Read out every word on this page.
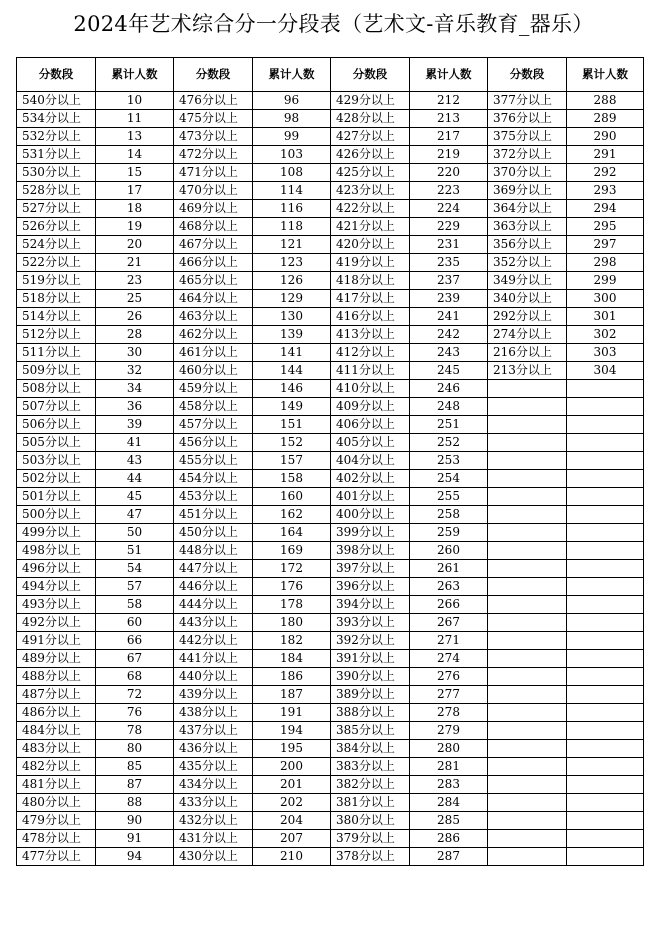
2024年艺术综合分一分段表（艺术文-音乐教育_器乐）
分数段	累计人数	分数段	累计人数	分数段	累计人数	分数段	累计人数
540分以上	10	476分以上	96	429分以上	212	377分以上	288
534分以上	11	475分以上	98	428分以上	213	376分以上	289
532分以上	13	473分以上	99	427分以上	217	375分以上	290
531分以上	14	472分以上	103	426分以上	219	372分以上	291
530分以上	15	471分以上	108	425分以上	220	370分以上	292
528分以上	17	470分以上	114	423分以上	223	369分以上	293
527分以上	18	469分以上	116	422分以上	224	364分以上	294
526分以上	19	468分以上	118	421分以上	229	363分以上	295
524分以上	20	467分以上	121	420分以上	231	356分以上	297
522分以上	21	466分以上	123	419分以上	235	352分以上	298
519分以上	23	465分以上	126	418分以上	237	349分以上	299
518分以上	25	464分以上	129	417分以上	239	340分以上	300
514分以上	26	463分以上	130	416分以上	241	292分以上	301
512分以上	28	462分以上	139	413分以上	242	274分以上	302
511分以上	30	461分以上	141	412分以上	243	216分以上	303
509分以上	32	460分以上	144	411分以上	245	213分以上	304
508分以上	34	459分以上	146	410分以上	246		
507分以上	36	458分以上	149	409分以上	248		
506分以上	39	457分以上	151	406分以上	251		
505分以上	41	456分以上	152	405分以上	252		
503分以上	43	455分以上	157	404分以上	253		
502分以上	44	454分以上	158	402分以上	254		
501分以上	45	453分以上	160	401分以上	255		
500分以上	47	451分以上	162	400分以上	258		
499分以上	50	450分以上	164	399分以上	259		
498分以上	51	448分以上	169	398分以上	260		
496分以上	54	447分以上	172	397分以上	261		
494分以上	57	446分以上	176	396分以上	263		
493分以上	58	444分以上	178	394分以上	266		
492分以上	60	443分以上	180	393分以上	267		
491分以上	66	442分以上	182	392分以上	271		
489分以上	67	441分以上	184	391分以上	274		
488分以上	68	440分以上	186	390分以上	276		
487分以上	72	439分以上	187	389分以上	277		
486分以上	76	438分以上	191	388分以上	278		
484分以上	78	437分以上	194	385分以上	279		
483分以上	80	436分以上	195	384分以上	280		
482分以上	85	435分以上	200	383分以上	281		
481分以上	87	434分以上	201	382分以上	283		
480分以上	88	433分以上	202	381分以上	284		
479分以上	90	432分以上	204	380分以上	285		
478分以上	91	431分以上	207	379分以上	286		
477分以上	94	430分以上	210	378分以上	287		
